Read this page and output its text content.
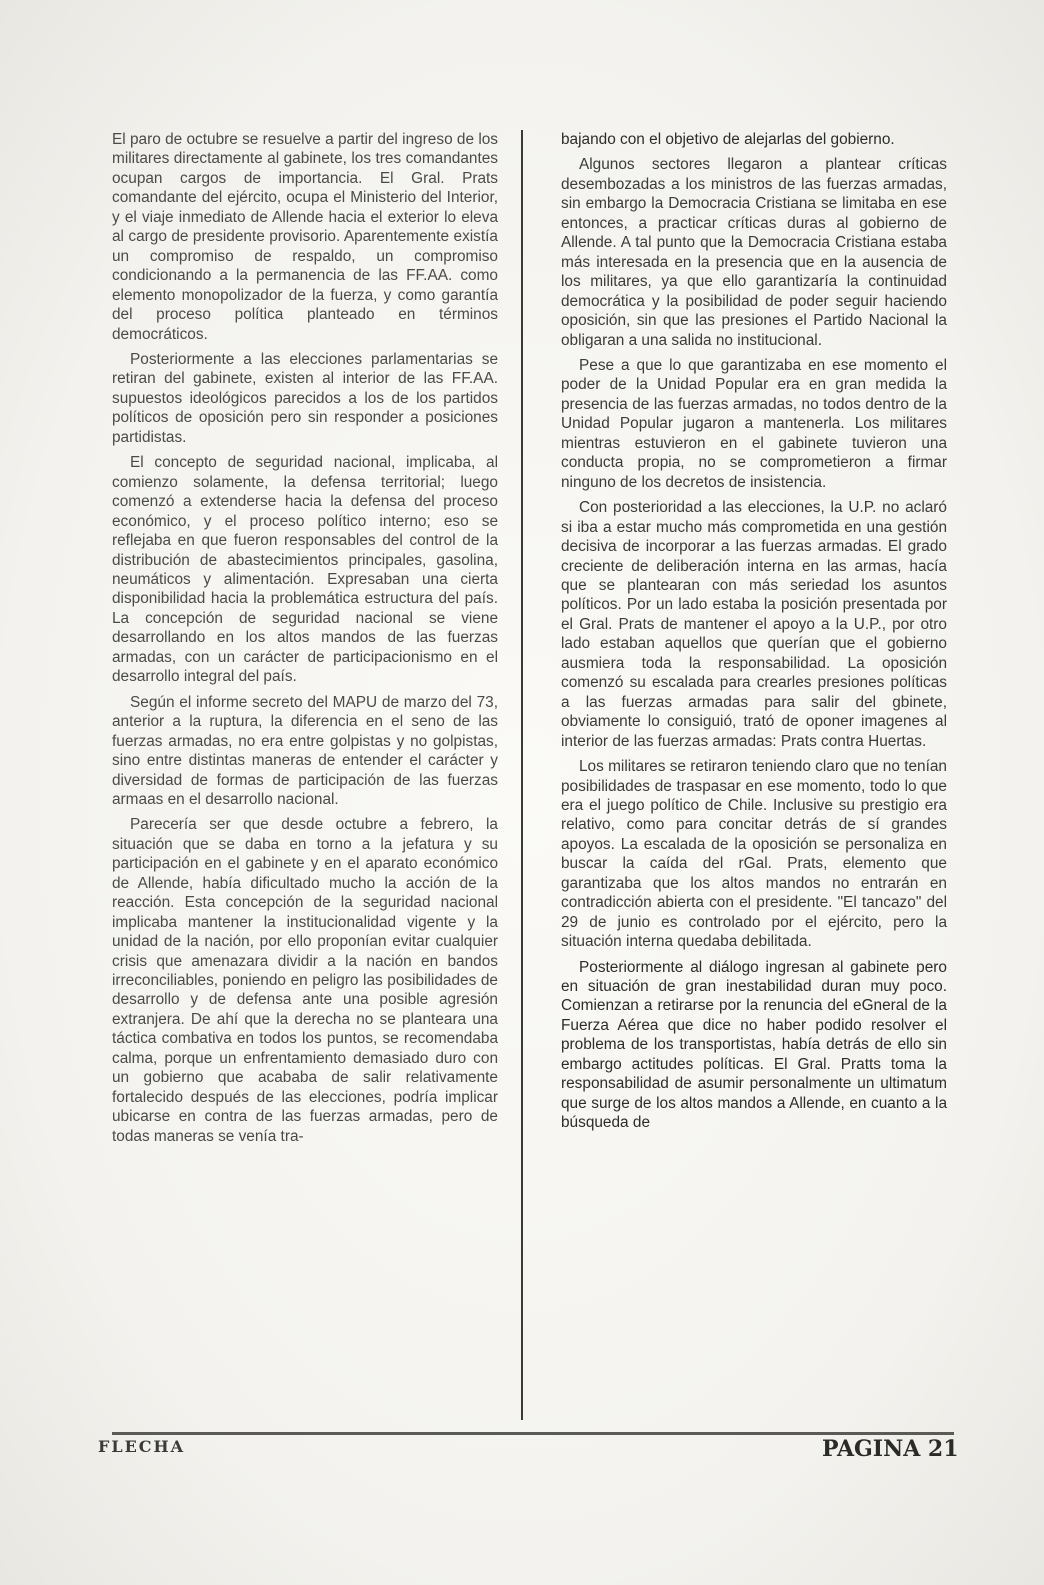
El paro de octubre se resuelve a partir del ingreso de los militares directamente al gabinete, los tres comandantes ocupan cargos de importancia. El Gral. Prats comandante del ejército, ocupa el Ministerio del Interior, y el viaje inmediato de Allende hacia el exterior lo eleva al cargo de presidente provisorio. Aparentemente existía un compromiso de respaldo, un compromiso condicionando a la permanencia de las FF.AA. como elemento monopolizador de la fuerza, y como garantía del proceso política planteado en términos democráticos.

Posteriormente a las elecciones parlamentarias se retiran del gabinete, existen al interior de las FF.AA. supuestos ideológicos parecidos a los de los partidos políticos de oposición pero sin responder a posiciones partidistas.

El concepto de seguridad nacional, implicaba, al comienzo solamente, la defensa territorial; luego comenzó a extenderse hacia la defensa del proceso económico, y el proceso político interno; eso se reflejaba en que fueron responsables del control de la distribución de abastecimientos principales, gasolina, neumáticos y alimentación. Expresaban una cierta disponibilidad hacia la problemática estructura del país. La concepción de seguridad nacional se viene desarrollando en los altos mandos de las fuerzas armadas, con un carácter de participacionismo en el desarrollo integral del país.

Según el informe secreto del MAPU de marzo del 73, anterior a la ruptura, la diferencia en el seno de las fuerzas armadas, no era entre golpistas y no golpistas, sino entre distintas maneras de entender el carácter y diversidad de formas de participación de las fuerzas armaas en el desarrollo nacional.

Parecería ser que desde octubre a febrero, la situación que se daba en torno a la jefatura y su participación en el gabinete y en el aparato económico de Allende, había dificultado mucho la acción de la reacción. Esta concepción de la seguridad nacional implicaba mantener la institucionalidad vigente y la unidad de la nación, por ello proponían evitar cualquier crisis que amenazara dividir a la nación en bandos irreconciliables, poniendo en peligro las posibilidades de desarrollo y de defensa ante una posible agresión extranjera. De ahí que la derecha no se planteara una táctica combativa en todos los puntos, se recomendaba calma, porque un enfrentamiento demasiado duro con un gobierno que acababa de salir relativamente fortalecido después de las elecciones, podría implicar ubicarse en contra de las fuerzas armadas, pero de todas maneras se venía tra-

bajando con el objetivo de alejarlas del gobierno.

Algunos sectores llegaron a plantear críticas desembozadas a los ministros de las fuerzas armadas, sin embargo la Democracia Cristiana se limitaba en ese entonces, a practicar críticas duras al gobierno de Allende. A tal punto que la Democracia Cristiana estaba más interesada en la presencia que en la ausencia de los militares, ya que ello garantizaría la continuidad democrática y la posibilidad de poder seguir haciendo oposición, sin que las presiones el Partido Nacional la obligaran a una salida no institucional.

Pese a que lo que garantizaba en ese momento el poder de la Unidad Popular era en gran medida la presencia de las fuerzas armadas, no todos dentro de la Unidad Popular jugaron a mantenerla. Los militares mientras estuvieron en el gabinete tuvieron una conducta propia, no se comprometieron a firmar ninguno de los decretos de insistencia.

Con posterioridad a las elecciones, la U.P. no aclaró si iba a estar mucho más comprometida en una gestión decisiva de incorporar a las fuerzas armadas. El grado creciente de deliberación interna en las armas, hacía que se plantearan con más seriedad los asuntos políticos. Por un lado estaba la posición presentada por el Gral. Prats de mantener el apoyo a la U.P., por otro lado estaban aquellos que querían que el gobierno ausmiera toda la responsabilidad. La oposición comenzó su escalada para crearles presiones políticas a las fuerzas armadas para salir del gbinete, obviamente lo consiguió, trató de oponer imagenes al interior de las fuerzas armadas: Prats contra Huertas.

Los militares se retiraron teniendo claro que no tenían posibilidades de traspasar en ese momento, todo lo que era el juego político de Chile. Inclusive su prestigio era relativo, como para concitar detrás de sí grandes apoyos. La escalada de la oposición se personaliza en buscar la caída del rGal. Prats, elemento que garantizaba que los altos mandos no entrarán en contradicción abierta con el presidente. "El tancazo" del 29 de junio es controlado por el ejército, pero la situación interna quedaba debilitada.

Posteriormente al diálogo ingresan al gabinete pero en situación de gran inestabilidad duran muy poco. Comienzan a retirarse por la renuncia del eGneral de la Fuerza Aérea que dice no haber podido resolver el problema de los transportistas, había detrás de ello sin embargo actitudes políticas. El Gral. Pratts toma la responsabilidad de asumir personalmente un ultimatum que surge de los altos mandos a Allende, en cuanto a la búsqueda de

FLECHA	PAGINA 21
